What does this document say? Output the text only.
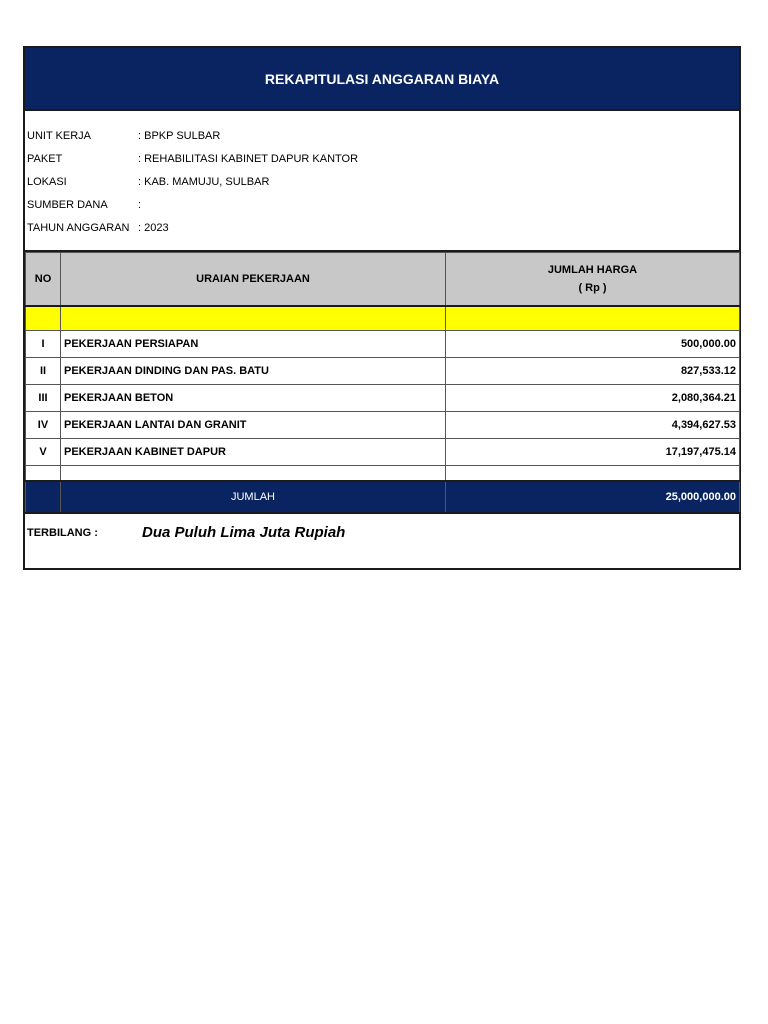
REKAPITULASI ANGGARAN BIAYA
UNIT KERJA	: BPKP SULBAR
PAKET	: REHABILITASI KABINET DAPUR KANTOR
LOKASI	: KAB. MAMUJU, SULBAR
SUMBER DANA	:
TAHUN ANGGARAN : 2023
NO	URAIAN PEKERJAAN	JUMLAH HARGA
( Rp )

I	PEKERJAAN PERSIAPAN	500,000.00
II	PEKERJAAN DINDING DAN PAS. BATU	827,533.12
III	PEKERJAAN BETON	2,080,364.21
IV	PEKERJAAN LANTAI DAN GRANIT	4,394,627.53
V	PEKERJAAN KABINET DAPUR	17,197,475.14

	JUMLAH	25,000,000.00
TERBILANG :	Dua Puluh Lima Juta Rupiah
